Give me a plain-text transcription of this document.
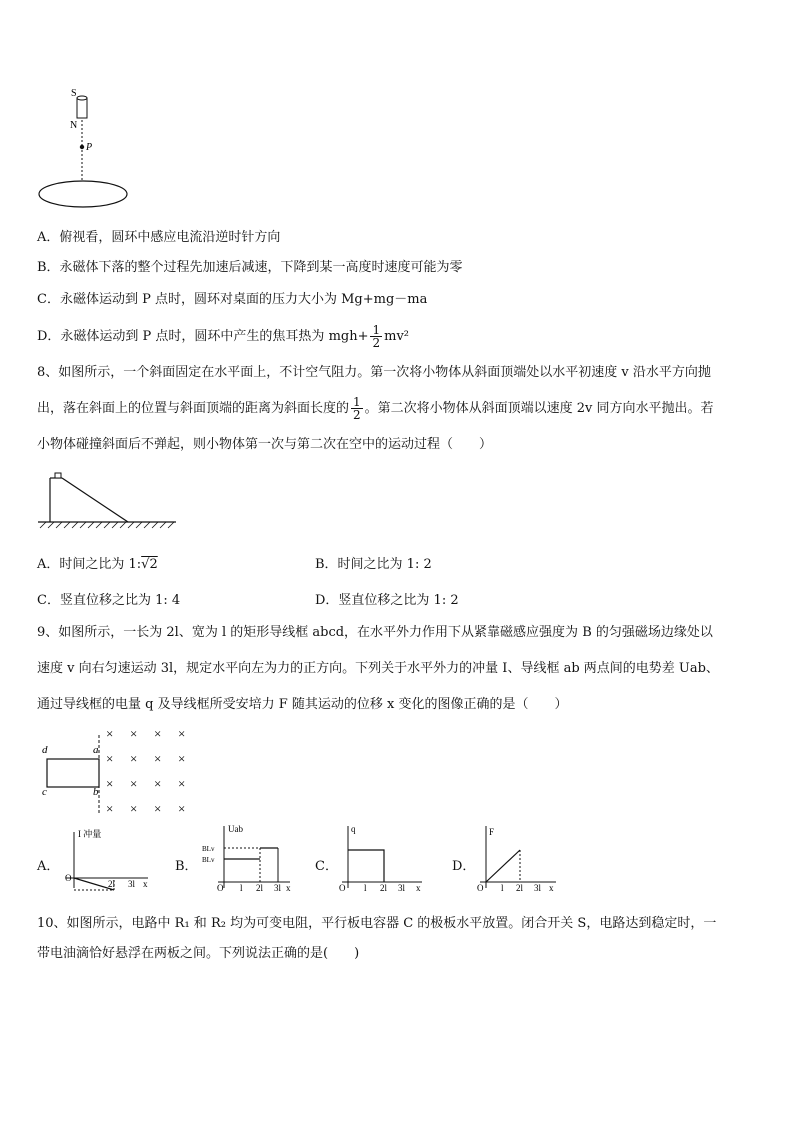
S
N
P
A．俯视看，圆环中感应电流沿逆时针方向
B．永磁体下落的整个过程先加速后减速，下降到某一高度时速度可能为零
C．永磁体运动到 P 点时，圆环对桌面的压力大小为 Mg+mg－ma
D．永磁体运动到 P 点时，圆环中产生的焦耳热为 $mgh+ \frac{1}{2} mv^2$
8、如图所示，一个斜面固定在水平面上，不计空气阻力。第一次将小物体从斜面顶端处以水平初速度 v 沿水平方向抛
出，落在斜面上的位置与斜面顶端的距离为斜面长度的 $\frac{1}{2}$ 。第二次将小物体从斜面顶端以速度 2v 同方向水平抛出。若
小物体碰撞斜面后不弹起，则小物体第一次与第二次在空中的运动过程（　　）
A．时间之比为 1:√2	B．时间之比为 1: 2
C．竖直位移之比为 1: 4	D．竖直位移之比为 1: 2
9、如图所示，一长为 2l、宽为 l 的矩形导线框 abcd，在水平外力作用下从紧靠磁感应强度为 B 的匀强磁场边缘处以
速度 v 向右匀速运动 3l，规定水平向左为力的正方向。下列关于水平外力的冲量 I、导线框 ab 两点间的电势差 Uab、
通过导线框的电量 q 及导线框所受安培力 F 随其运动的位移 x 变化的图像正确的是（　　）
d	a
c	b
× × × ×
× × × ×
× × × ×
× × × ×
A．	B．	C．	D．
I 冲量
O
2l 3l x
Uab
BLv
BLv
O l 2l 3l x
q
O l 2l 3l x
F
O l 2l 3l x
10、如图所示，电路中 R₁ 和 R₂ 均为可变电阻，平行板电容器 C 的极板水平放置。闭合开关 S，电路达到稳定时，一
带电油滴恰好悬浮在两板之间。下列说法正确的是(　　)
